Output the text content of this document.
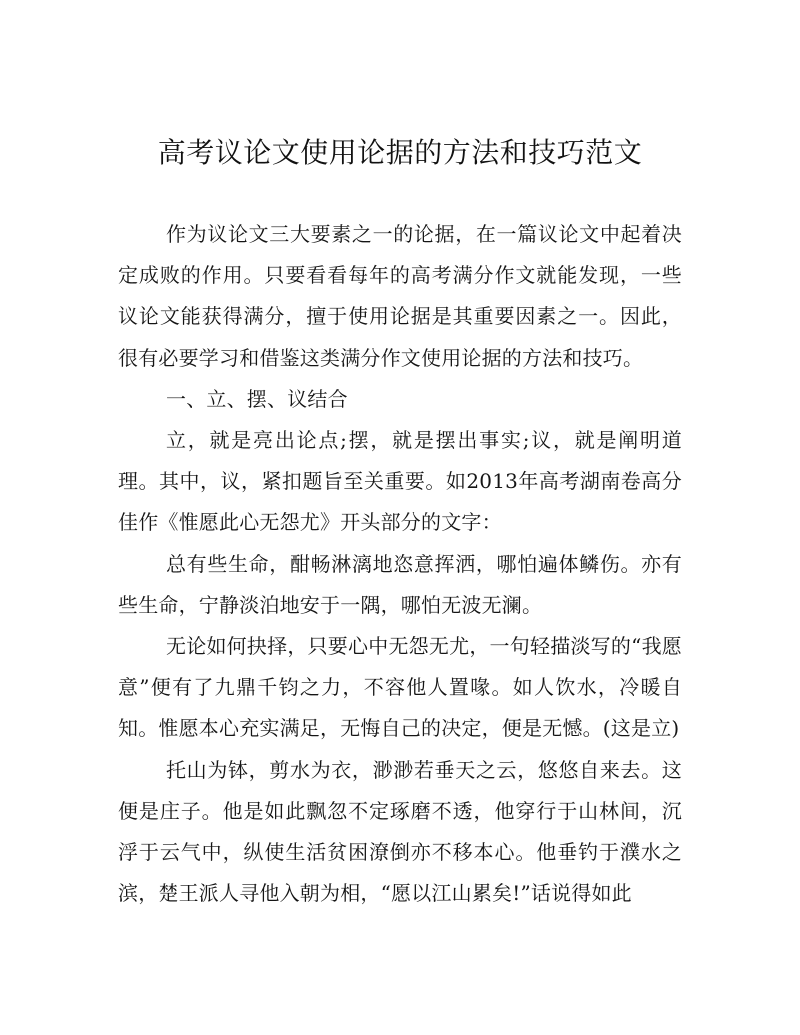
高考议论文使用论据的方法和技巧范文

作为议论文三大要素之一的论据，在一篇议论文中起着决定成败的作用。只要看看每年的高考满分作文就能发现，一些议论文能获得满分，擅于使用论据是其重要因素之一。因此，很有必要学习和借鉴这类满分作文使用论据的方法和技巧。

一、立、摆、议结合

立，就是亮出论点;摆，就是摆出事实;议，就是阐明道理。其中，议，紧扣题旨至关重要。如2013年高考湖南卷高分佳作《惟愿此心无怨尤》开头部分的文字：

总有些生命，酣畅淋漓地恣意挥洒，哪怕遍体鳞伤。亦有些生命，宁静淡泊地安于一隅，哪怕无波无澜。

无论如何抉择，只要心中无怨无尤，一句轻描淡写的“我愿意”便有了九鼎千钧之力，不容他人置喙。如人饮水，冷暖自知。惟愿本心充实满足，无悔自己的决定，便是无憾。(这是立)

托山为钵，剪水为衣，渺渺若垂天之云，悠悠自来去。这便是庄子。他是如此飘忽不定琢磨不透，他穿行于山林间，沉浮于云气中，纵使生活贫困潦倒亦不移本心。他垂钓于濮水之滨，楚王派人寻他入朝为相，“愿以江山累矣!”话说得如此
